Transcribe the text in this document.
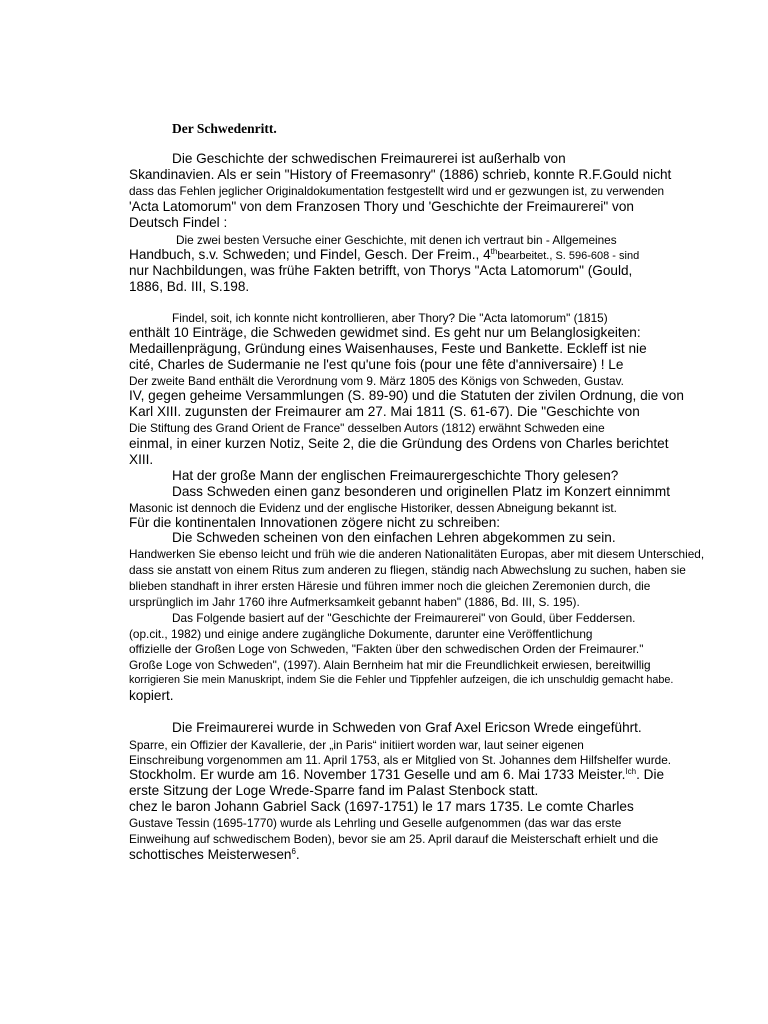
Der Schwedenritt.
Die Geschichte der schwedischen Freimaurerei ist außerhalb von
Skandinavien. Als er sein "History of Freemasonry" (1886) schrieb, konnte R.F.Gould nicht
dass das Fehlen jeglicher Originaldokumentation festgestellt wird und er gezwungen ist, zu verwenden
'Acta Latomorum" von dem Franzosen Thory und 'Geschichte der Freimaurerei" von
Deutsch Findel :
Die zwei besten Versuche einer Geschichte, mit denen ich vertraut bin - Allgemeines
Handbuch, s.v. Schweden; und Findel, Gesch. Der Freim., 4thbearbeitet., S. 596-608 - sind
nur Nachbildungen, was frühe Fakten betrifft, von Thorys "Acta Latomorum" (Gould,
1886, Bd. III, S.198.
Findel, soit, ich konnte nicht kontrollieren, aber Thory? Die "Acta latomorum" (1815)
enthält 10 Einträge, die Schweden gewidmet sind. Es geht nur um Belanglosigkeiten:
Medaillenprägung, Gründung eines Waisenhauses, Feste und Bankette. Eckleff ist nie
cité, Charles de Sudermanie ne l'est qu'une fois (pour une fête d'anniversaire) ! Le
Der zweite Band enthält die Verordnung vom 9. März 1805 des Königs von Schweden, Gustav.
IV, gegen geheime Versammlungen (S. 89-90) und die Statuten der zivilen Ordnung, die von
Karl XIII. zugunsten der Freimaurer am 27. Mai 1811 (S. 61-67). Die "Geschichte von
Die Stiftung des Grand Orient de France" desselben Autors (1812) erwähnt Schweden eine
einmal, in einer kurzen Notiz, Seite 2, die die Gründung des Ordens von Charles berichtet
XIII.
Hat der große Mann der englischen Freimaurergeschichte Thory gelesen?
Dass Schweden einen ganz besonderen und originellen Platz im Konzert einnimmt
Masonic ist dennoch die Evidenz und der englische Historiker, dessen Abneigung bekannt ist.
Für die kontinentalen Innovationen zögere nicht zu schreiben:
Die Schweden scheinen von den einfachen Lehren abgekommen zu sein.
Handwerken Sie ebenso leicht und früh wie die anderen Nationalitäten Europas, aber mit diesem Unterschied,
dass sie anstatt von einem Ritus zum anderen zu fliegen, ständig nach Abwechslung zu suchen, haben sie
blieben standhaft in ihrer ersten Häresie und führen immer noch die gleichen Zeremonien durch, die
ursprünglich im Jahr 1760 ihre Aufmerksamkeit gebannt haben" (1886, Bd. III, S. 195).
Das Folgende basiert auf der "Geschichte der Freimaurerei" von Gould, über Feddersen.
(op.cit., 1982) und einige andere zugängliche Dokumente, darunter eine Veröffentlichung
offizielle der Großen Loge von Schweden, "Fakten über den schwedischen Orden der Freimaurer."
Große Loge von Schweden", (1997). Alain Bernheim hat mir die Freundlichkeit erwiesen, bereitwillig
korrigieren Sie mein Manuskript, indem Sie die Fehler und Tippfehler aufzeigen, die ich unschuldig gemacht habe.
kopiert.
Die Freimaurerei wurde in Schweden von Graf Axel Ericson Wrede eingeführt.
Sparre, ein Offizier der Kavallerie, der „in Paris“ initiiert worden war, laut seiner eigenen
Einschreibung vorgenommen am 11. April 1753, als er Mitglied von St. Johannes dem Hilfshelfer wurde.
Stockholm. Er wurde am 16. November 1731 Geselle und am 6. Mai 1733 Meister.$^{Ich}$. Die
erste Sitzung der Loge Wrede-Sparre fand im Palast Stenbock statt.
chez le baron Johann Gabriel Sack (1697-1751) le 17 mars 1735. Le comte Charles
Gustave Tessin (1695-1770) wurde als Lehrling und Geselle aufgenommen (das war das erste
Einweihung auf schwedischem Boden), bevor sie am 25. April darauf die Meisterschaft erhielt und die
schottisches Meisterwesen$^6$.
